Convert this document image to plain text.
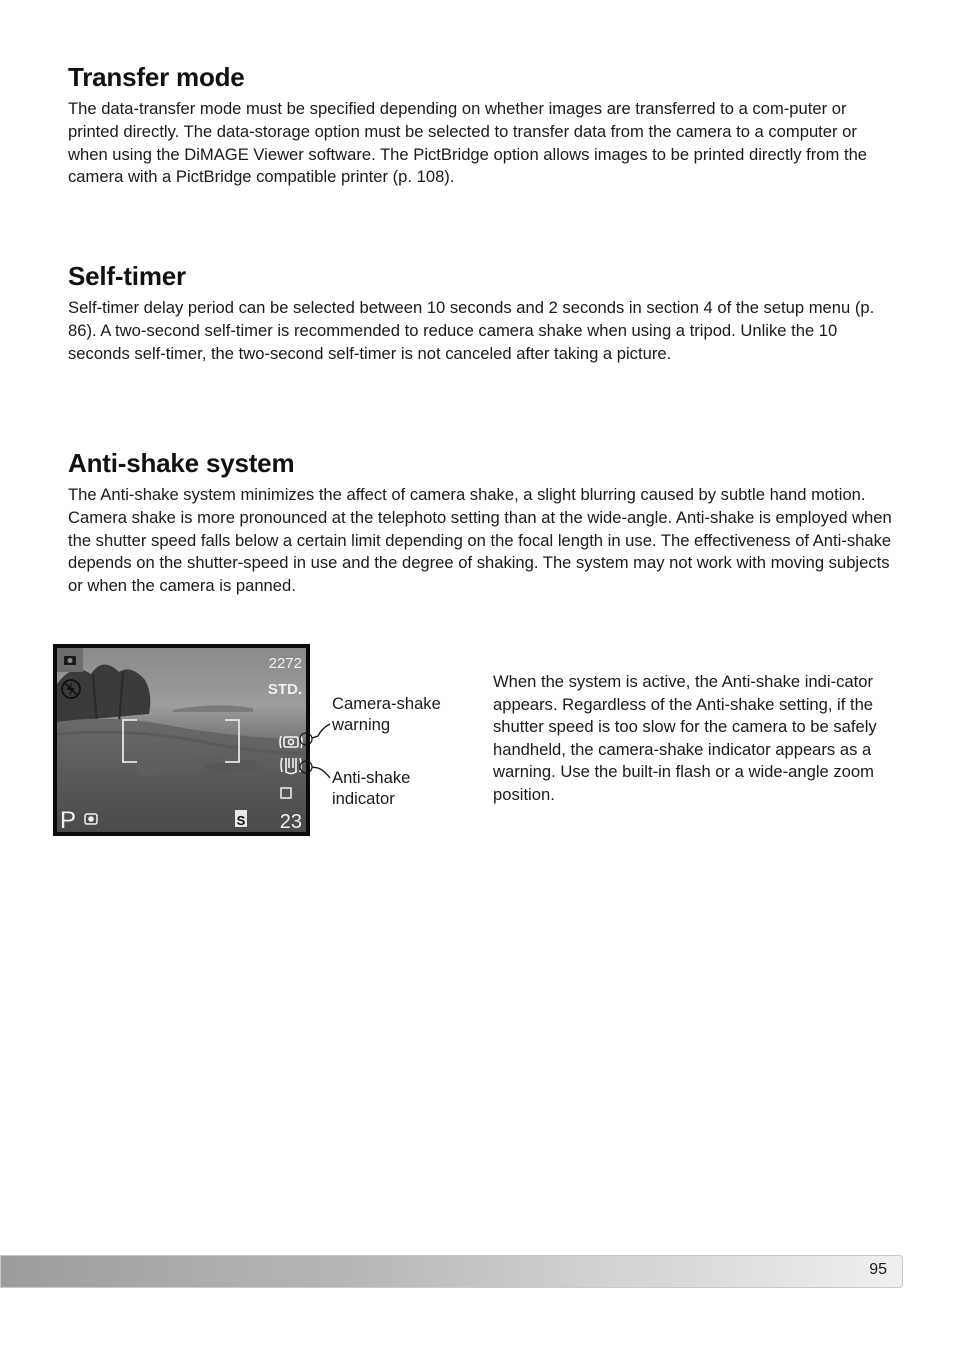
Transfer mode

The data-transfer mode must be specified depending on whether images are transferred to a com-puter or printed directly. The data-storage option must be selected to transfer data from the camera to a computer or when using the DiMAGE Viewer software. The PictBridge option allows images to be printed directly from the camera with a PictBridge compatible printer (p. 108).

Self-timer

Self-timer delay period can be selected between 10 seconds and 2 seconds in section 4 of the setup menu (p. 86). A two-second self-timer is recommended to reduce camera shake when using a tripod. Unlike the 10 seconds self-timer, the two-second self-timer is not canceled after taking a picture.

Anti-shake system

The Anti-shake system minimizes the affect of camera shake, a slight blurring caused by subtle hand motion. Camera shake is more pronounced at the telephoto setting than at the wide-angle. Anti-shake is employed when the shutter speed falls below a certain limit depending on the focal length in use. The effectiveness of Anti-shake depends on the shutter-speed in use and the degree of shaking. The system may not work with moving subjects or when the camera is panned.

2272
STD.
P	S 23
Camera-shake warning
Anti-shake indicator

When the system is active, the Anti-shake indi-cator appears. Regardless of the Anti-shake setting, if the shutter speed is too slow for the camera to be safely handheld, the camera-shake indicator appears as a warning. Use the built-in flash or a wide-angle zoom position.

95
